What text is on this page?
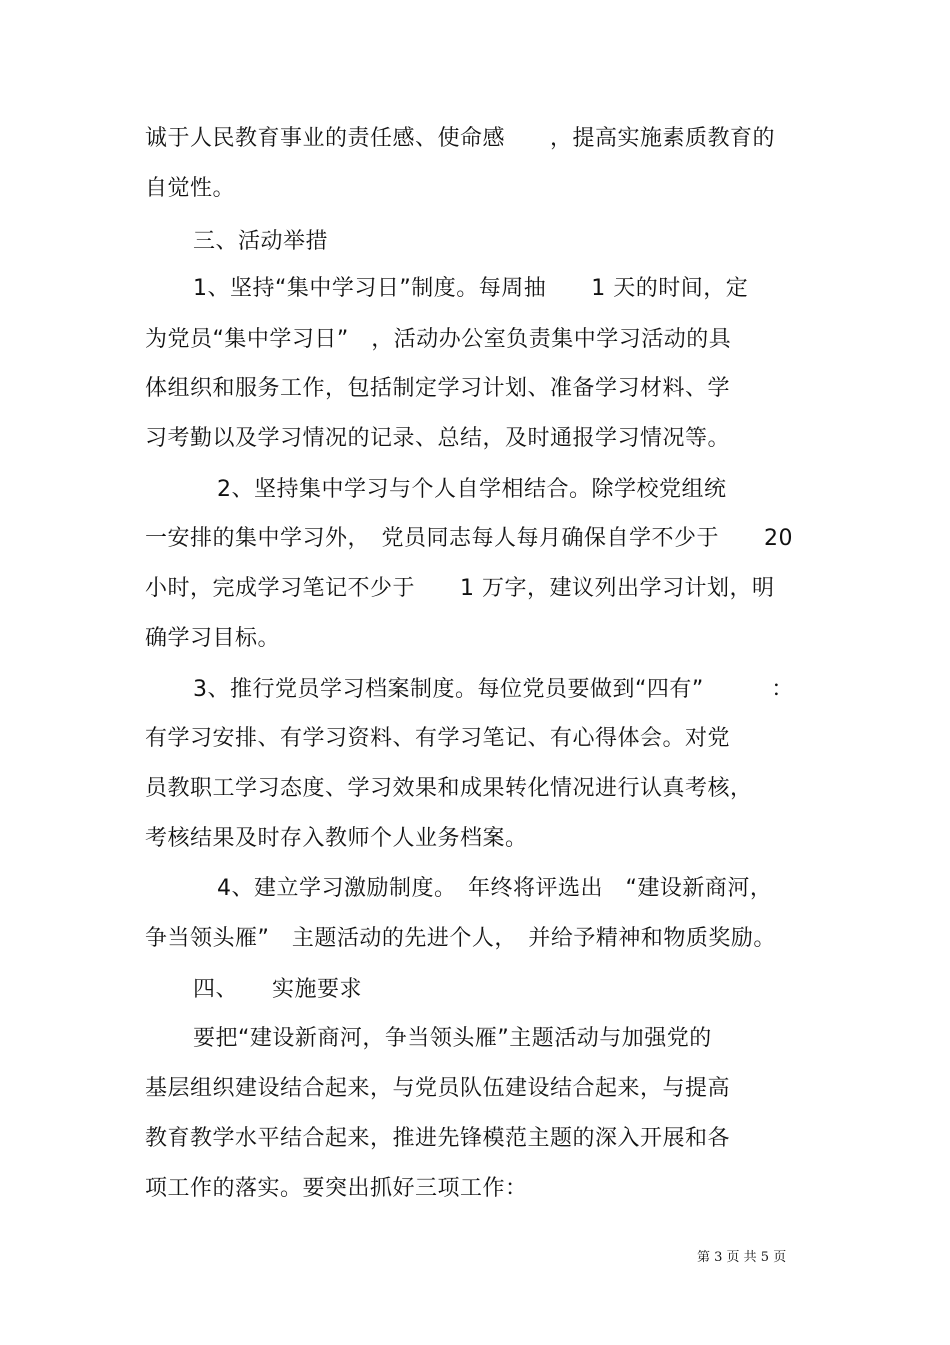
诚于人民教育事业的责任感、使命感　　，提高实施素质教育的
自觉性。
三、活动举措
1、坚持“集中学习日”制度。每周抽　　1 天的时间，定
为党员“集中学习日”　，活动办公室负责集中学习活动的具
体组织和服务工作，包括制定学习计划、准备学习材料、学
习考勤以及学习情况的记录、总结，及时通报学习情况等。
2、坚持集中学习与个人自学相结合。除学校党组统
一安排的集中学习外，　党员同志每人每月确保自学不少于　　20
小时，完成学习笔记不少于　　1 万字，建议列出学习计划，明
确学习目标。
3、推行党员学习档案制度。每位党员要做到“四有”　　　：
有学习安排、有学习资料、有学习笔记、有心得体会。对党
员教职工学习态度、学习效果和成果转化情况进行认真考核，
考核结果及时存入教师个人业务档案。
4、建立学习激励制度。　年终将评选出　“建设新商河，
争当领头雁”　主题活动的先进个人，　并给予精神和物质奖励。
四、　　实施要求
要把“建设新商河，争当领头雁”主题活动与加强党的
基层组织建设结合起来，与党员队伍建设结合起来，与提高
教育教学水平结合起来，推进先锋模范主题的深入开展和各
项工作的落实。要突出抓好三项工作：
第 3 页 共 5 页
